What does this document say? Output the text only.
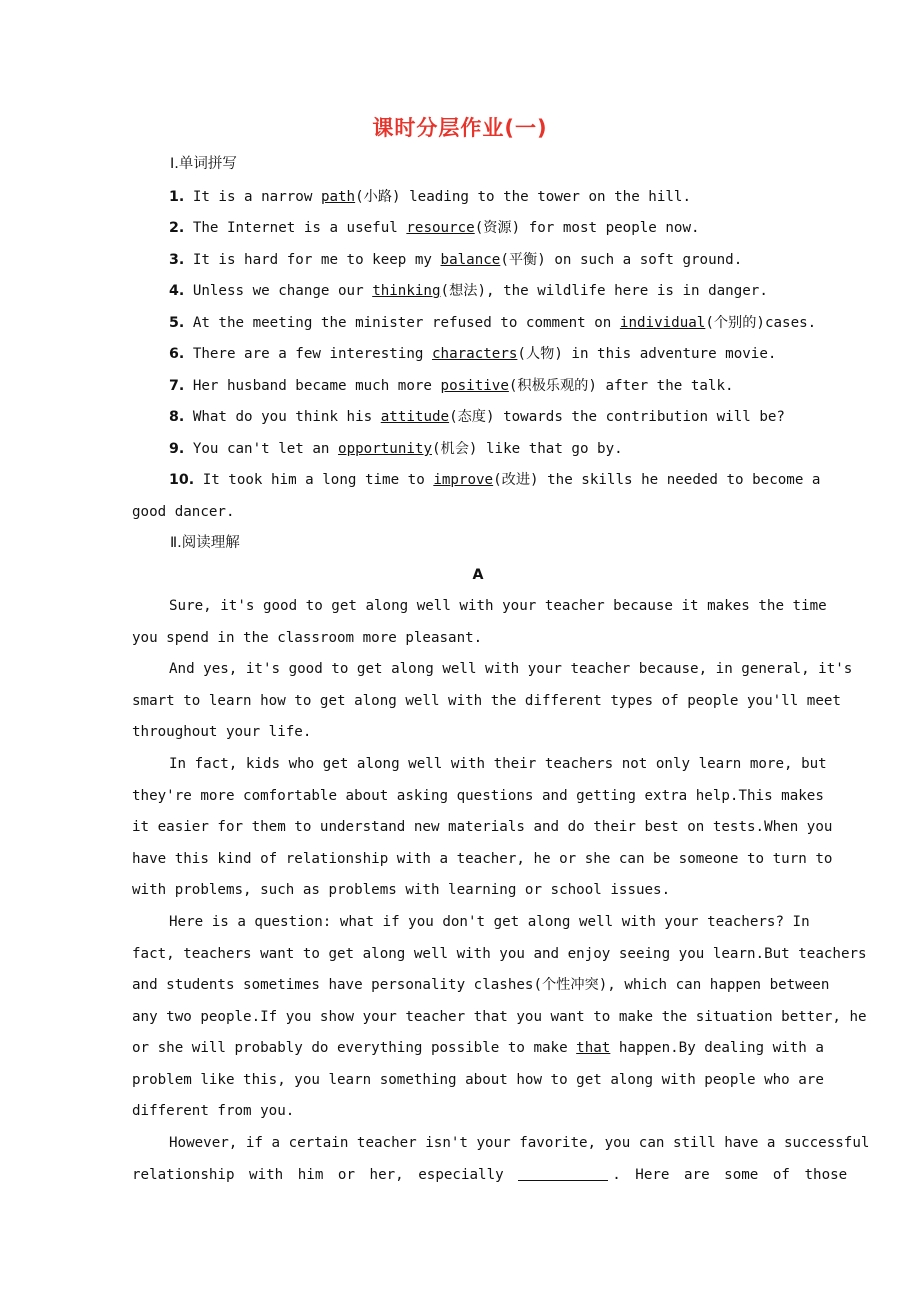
课时分层作业(一)
Ⅰ.单词拼写
1. It is a narrow path(小路) leading to the tower on the hill.
2. The Internet is a useful resource(资源) for most people now.
3. It is hard for me to keep my balance(平衡) on such a soft ground.
4. Unless we change our thinking(想法), the wildlife here is in danger.
5. At the meeting the minister refused to comment on individual(个别的)cases.
6. There are a few interesting characters(人物) in this adventure movie.
7. Her husband became much more positive(积极乐观的) after the talk.
8. What do you think his attitude(态度) towards the contribution will be?
9. You can't let an opportunity(机会) like that go by.
10. It took him a long time to improve(改进) the skills he needed to become a
good dancer.
Ⅱ.阅读理解
A
Sure, it's good to get along well with your teacher because it makes the time
you spend in the classroom more pleasant.
And yes, it's good to get along well with your teacher because, in general, it's
smart to learn how to get along well with the different types of people you'll meet
throughout your life.
In fact, kids who get along well with their teachers not only learn more, but
they're more comfortable about asking questions and getting extra help.This makes
it easier for them to understand new materials and do their best on tests.When you
have this kind of relationship with a teacher, he or she can be someone to turn to
with problems, such as problems with learning or school issues.
Here is a question: what if you don't get along well with your teachers? In
fact, teachers want to get along well with you and enjoy seeing you learn.But teachers
and students sometimes have personality clashes(个性冲突), which can happen between
any two people.If you show your teacher that you want to make the situation better, he
or she will probably do everything possible to make that happen.By dealing with a
problem like this, you learn something about how to get along with people who are
different from you.
However, if a certain teacher isn't your favorite, you can still have a successful
relationship with him or her, especially	. Here are some of those
